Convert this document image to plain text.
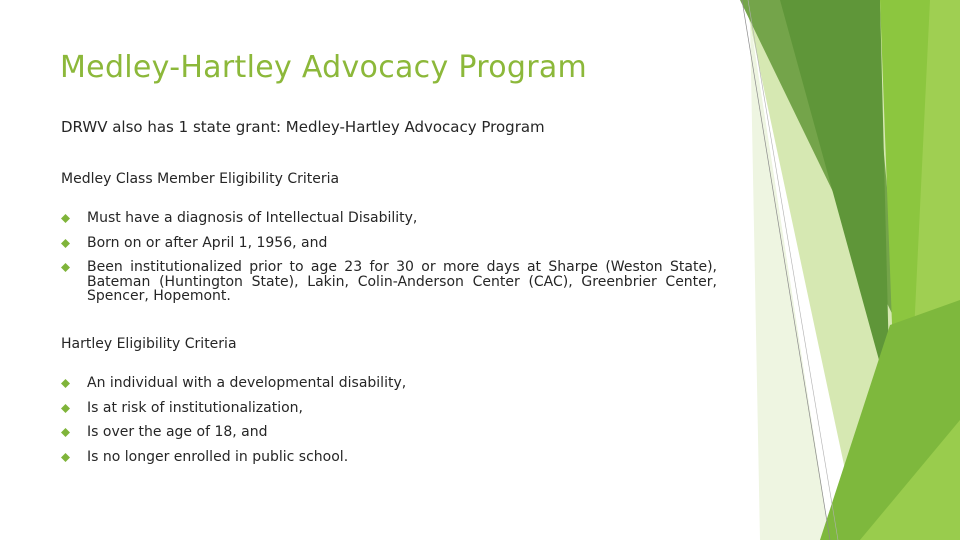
Medley-Hartley Advocacy Program

DRWV also has 1 state grant: Medley-Hartley Advocacy Program

Medley Class Member Eligibility Criteria

Must have a diagnosis of Intellectual Disability,
Born on or after April 1, 1956, and
Been institutionalized prior to age 23 for 30 or more days at Sharpe (Weston State), Bateman (Huntington State), Lakin, Colin-Anderson Center (CAC), Greenbrier Center, Spencer, Hopemont.

Hartley Eligibility Criteria

An individual with a developmental disability,
Is at risk of institutionalization,
Is over the age of 18, and
Is no longer enrolled in public school.
